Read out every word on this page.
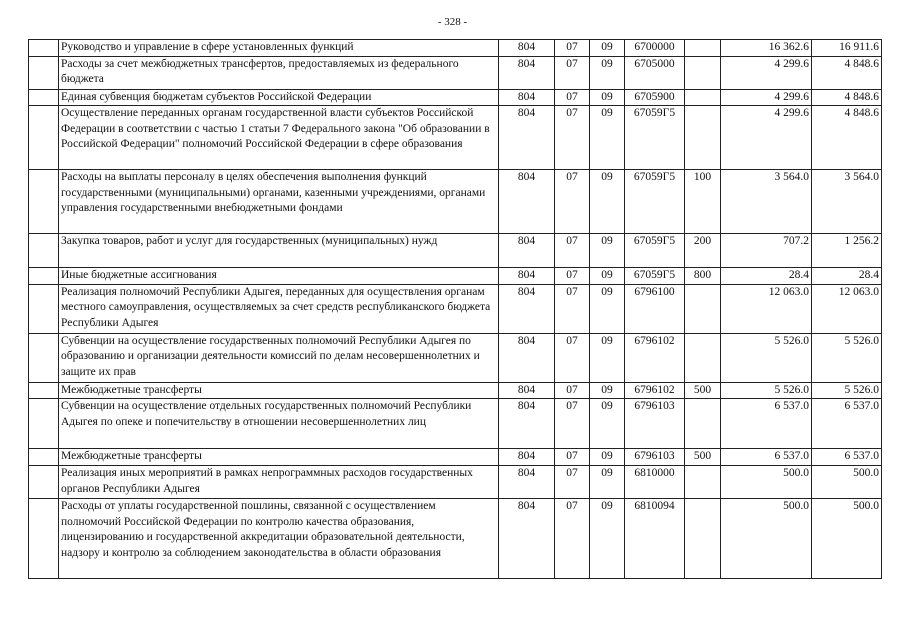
- 328 -
	Руководство и управление в сфере установленных функций	804	07	09	6700000		16 362.6	16 911.6
	Расходы за счет межбюджетных трансфертов, предоставляемых из федерального бюджета	804	07	09	6705000		4 299.6	4 848.6
	Единая субвенция бюджетам субъектов Российской Федерации	804	07	09	6705900		4 299.6	4 848.6
	Осуществление переданных органам государственной власти субъектов Российской Федерации в соответствии с частью 1 статьи 7 Федерального закона "Об образовании в Российской Федерации" полномочий Российской Федерации в сфере образования	804	07	09	67059Г5		4 299.6	4 848.6
	Расходы на выплаты персоналу в целях обеспечения выполнения функций государственными (муниципальными) органами, казенными учреждениями, органами управления государственными внебюджетными фондами	804	07	09	67059Г5	100	3 564.0	3 564.0
	Закупка товаров, работ и услуг для государственных (муниципальных) нужд	804	07	09	67059Г5	200	707.2	1 256.2
	Иные бюджетные ассигнования	804	07	09	67059Г5	800	28.4	28.4
	Реализация полномочий Республики Адыгея, переданных для осуществления органам местного самоуправления, осуществляемых за счет средств республиканского бюджета Республики Адыгея	804	07	09	6796100		12 063.0	12 063.0
	Субвенции на осуществление государственных полномочий Республики Адыгея по образованию и организации деятельности комиссий по делам несовершеннолетних и защите их прав	804	07	09	6796102		5 526.0	5 526.0
	Межбюджетные трансферты	804	07	09	6796102	500	5 526.0	5 526.0
	Субвенции на осуществление отдельных государственных полномочий Республики Адыгея по опеке и попечительству в отношении несовершеннолетних лиц	804	07	09	6796103		6 537.0	6 537.0
	Межбюджетные трансферты	804	07	09	6796103	500	6 537.0	6 537.0
	Реализация иных мероприятий в рамках непрограммных расходов государственных органов Республики Адыгея	804	07	09	6810000		500.0	500.0
	Расходы от уплаты государственной пошлины, связанной с осуществлением полномочий Российской Федерации по контролю качества образования, лицензированию и государственной аккредитации образовательной деятельности, надзору и контролю за соблюдением законодательства в области образования	804	07	09	6810094		500.0	500.0
